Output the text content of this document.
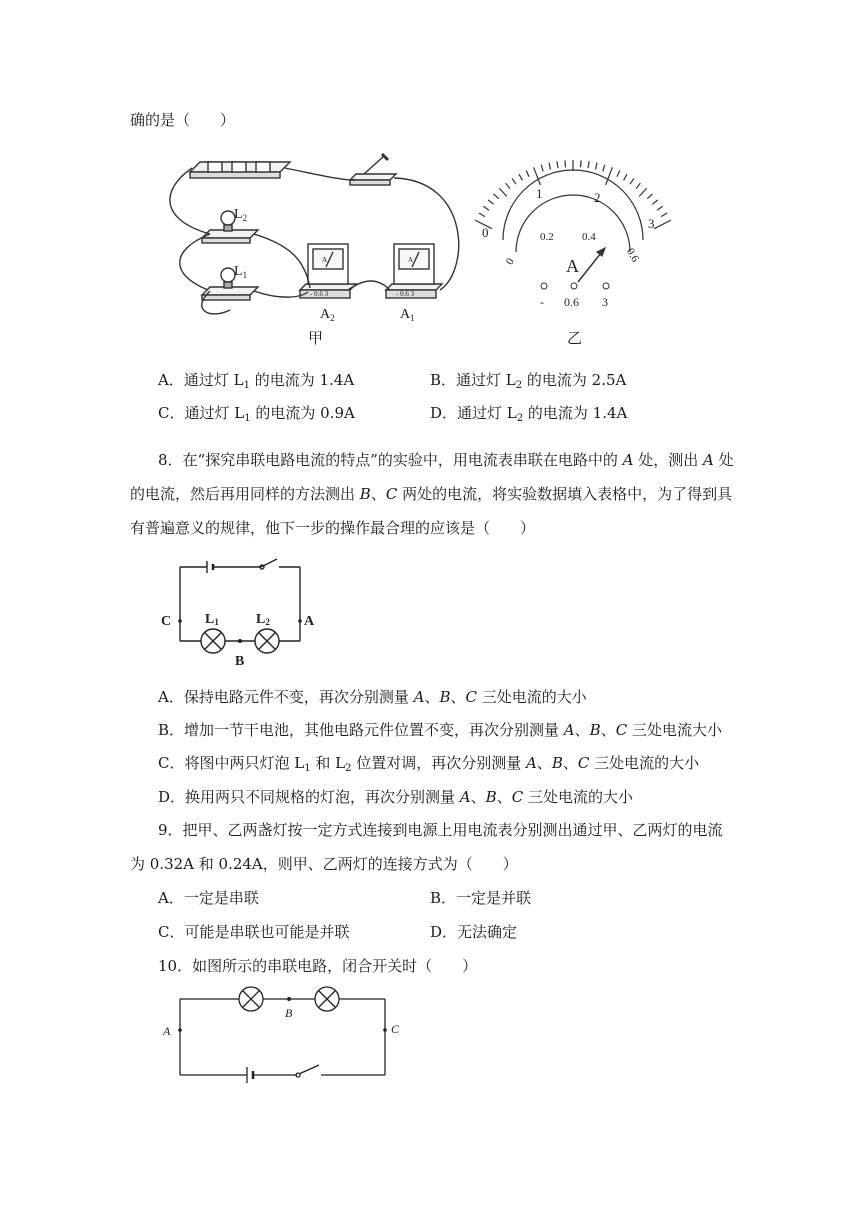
确的是（　　）
$L_2$
$L_1$
A	A
- 0.6 3	- 0.6 3
$A_2$	$A_1$
甲
0
1	2
3
0
0.2	0.4
0.6
A
- 0.6 3
乙
A．通过灯 $L_1$ 的电流为 1.4A	B．通过灯 $L_2$ 的电流为 2.5A
C．通过灯 $L_1$ 的电流为 0.9A	D．通过灯 $L_2$ 的电流为 1.4A
8．在“探究串联电路电流的特点”的实验中，用电流表串联在电路中的 A 处，测出 A 处
的电流，然后再用同样的方法测出 B、C 两处的电流，将实验数据填入表格中，为了得到具
有普遍意义的规律，他下一步的操作最合理的应该是（　　）
C	A
B
L1	L2
A．保持电路元件不变，再次分别测量 A、B、C 三处电流的大小
B．增加一节干电池，其他电路元件位置不变，再次分别测量 A、B、C 三处电流大小
C．将图中两只灯泡 $L_1$ 和 $L_2$ 位置对调，再次分别测量 A、B、C 三处电流的大小
D．换用两只不同规格的灯泡，再次分别测量 A、B、C 三处电流的大小
9．把甲、乙两盏灯按一定方式连接到电源上用电流表分别测出通过甲、乙两灯的电流
为 0.32A 和 0.24A，则甲、乙两灯的连接方式为（　　）
A．一定是串联	B．一定是并联
C．可能是串联也可能是并联	D．无法确定
10．如图所示的串联电路，闭合开关时（　　）
A
B
C
